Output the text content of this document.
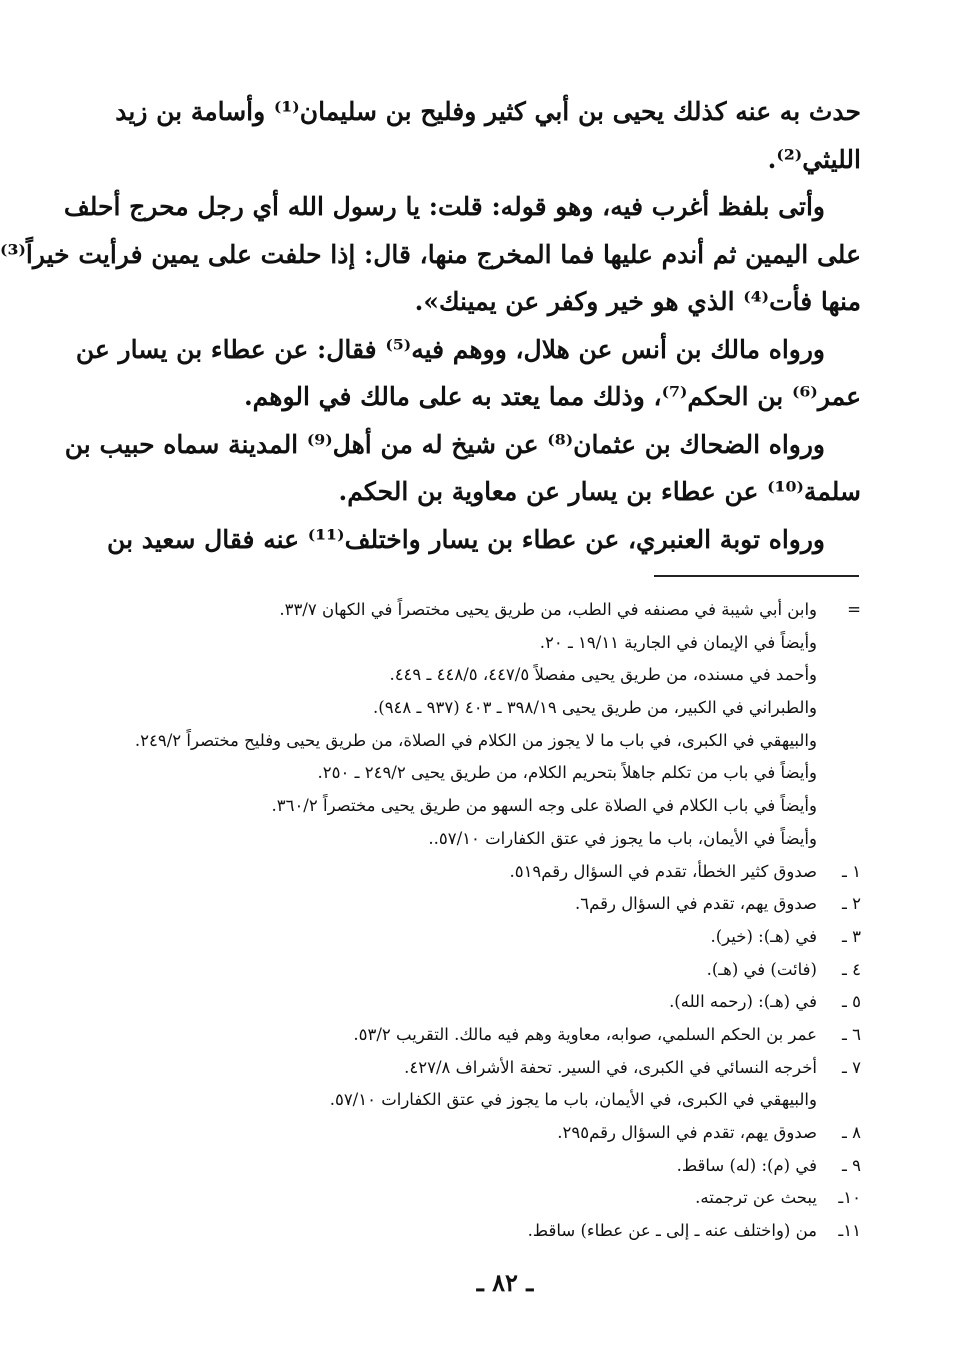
حدث به عنه كذلك يحيى بن أبي كثير وفليح بن سليمان⁽¹⁾ وأسامة بن زيد
الليثي⁽²⁾.
وأتى بلفظ أغرب فيه، وهو قوله: قلت: يا رسول الله أي رجل محرج أحلف
على اليمين ثم أندم عليها فما المخرج منها، قال: إذا حلفت على يمين فرأيت خيراً⁽³⁾
منها فأت⁽⁴⁾ الذي هو خير وكفر عن يمينك».
ورواه مالك بن أنس عن هلال، ووهم فيه⁽⁵⁾ فقال: عن عطاء بن يسار عن
عمر⁽⁶⁾ بن الحكم⁽⁷⁾، وذلك مما يعتد به على مالك في الوهم.
ورواه الضحاك بن عثمان⁽⁸⁾ عن شيخ له من أهل⁽⁹⁾ المدينة سماه حبيب بن
سلمة⁽¹⁰⁾ عن عطاء بن يسار عن معاوية بن الحكم.
ورواه توبة العنبري، عن عطاء بن يسار واختلف⁽¹¹⁾ عنه فقال سعيد بن
=
وابن أبي شيبة في مصنفه في الطب، من طريق يحيى مختصراً في الكهان ٣٣/٧.
وأيضاً في الإيمان في الجارية ١٩/١١ ـ ٢٠.
وأحمد في مسنده، من طريق يحيى مفصلاً ٤٤٧/٥، ٤٤٨/٥ ـ ٤٤٩.
والطبراني في الكبير، من طريق يحيى ٣٩٨/١٩ ـ ٤٠٣ (٩٣٧ ـ ٩٤٨).
والبيهقي في الكبرى، في باب ما لا يجوز من الكلام في الصلاة، من طريق يحيى وفليح مختصراً ٢٤٩/٢.
وأيضاً في باب من تكلم جاهلاً بتحريم الكلام، من طريق يحيى ٢٤٩/٢ ـ ٢٥٠.
وأيضاً في باب الكلام في الصلاة على وجه السهو من طريق يحيى مختصراً ٣٦٠/٢.
وأيضاً في الأيمان، باب ما يجوز في عتق الكفارات ٥٧/١٠..
١ ـ
صدوق كثير الخطأ، تقدم في السؤال رقم٥١٩.
٢ ـ
صدوق يهم، تقدم في السؤال رقم٦.
٣ ـ
في (هـ): (خير).
٤ ـ
(فائت) في (هـ).
٥ ـ
في (هـ): (رحمه الله).
٦ ـ
عمر بن الحكم السلمي، صوابه، معاوية وهم فيه مالك. التقريب ٥٣/٢.
٧ ـ
أخرجه النسائي في الكبرى، في السير. تحفة الأشراف ٤٢٧/٨.
والبيهقي في الكبرى، في الأيمان، باب ما يجوز في عتق الكفارات ٥٧/١٠.
٨ ـ
صدوق يهم، تقدم في السؤال رقم٢٩٥.
٩ ـ
في (م): (له) ساقط.
١٠ـ
يبحث عن ترجمته.
١١ـ
من (واختلف عنه ـ إلى ـ عن عطاء) ساقط.
ـ ٨٢ ـ
